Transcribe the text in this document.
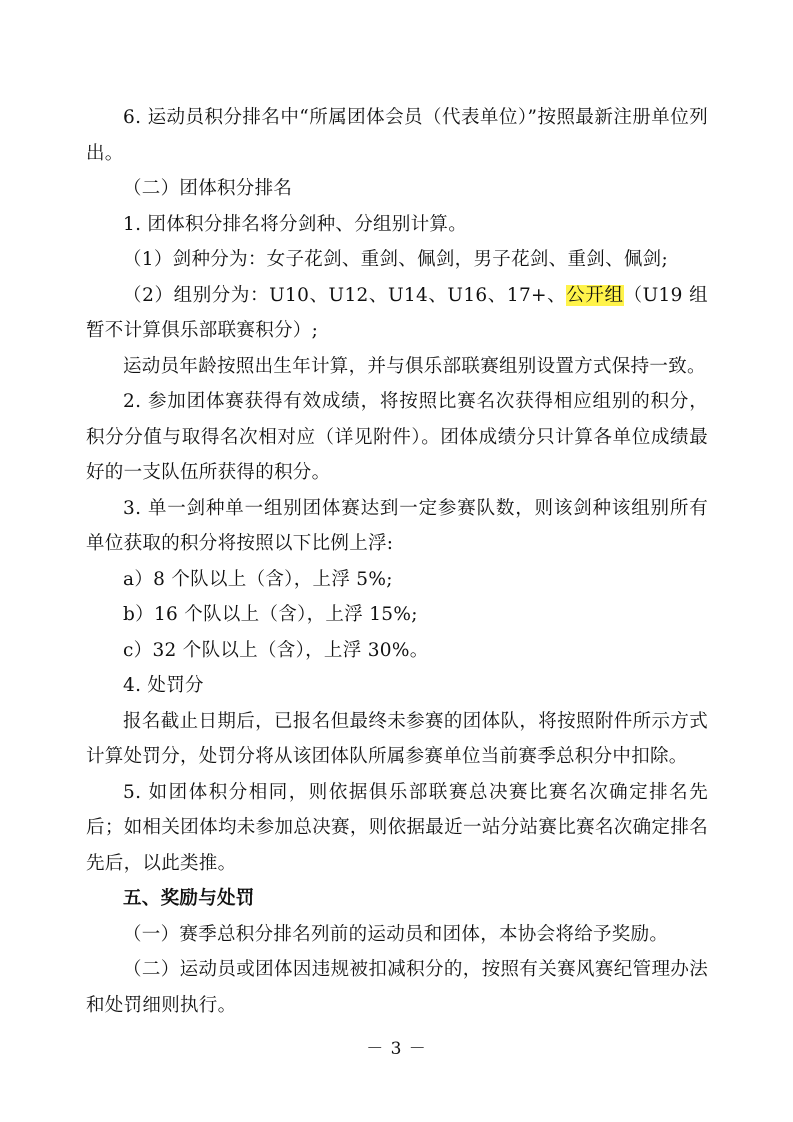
6. 运动员积分排名中“所属团体会员（代表单位）”按照最新注册单位列出。

（二）团体积分排名

1. 团体积分排名将分剑种、分组别计算。

（1）剑种分为：女子花剑、重剑、佩剑，男子花剑、重剑、佩剑;

（2）组别分为：U10、U12、U14、U16、17+、公开组（U19 组暂不计算俱乐部联赛积分）;

运动员年龄按照出生年计算，并与俱乐部联赛组别设置方式保持一致。

2. 参加团体赛获得有效成绩，将按照比赛名次获得相应组别的积分，积分分值与取得名次相对应（详见附件）。团体成绩分只计算各单位成绩最好的一支队伍所获得的积分。

3. 单一剑种单一组别团体赛达到一定参赛队数，则该剑种该组别所有单位获取的积分将按照以下比例上浮:

a）8 个队以上（含），上浮 5%;

b）16 个队以上（含），上浮 15%;

c）32 个队以上（含），上浮 30%。

4. 处罚分

报名截止日期后，已报名但最终未参赛的团体队，将按照附件所示方式计算处罚分，处罚分将从该团体队所属参赛单位当前赛季总积分中扣除。

5. 如团体积分相同，则依据俱乐部联赛总决赛比赛名次确定排名先后；如相关团体均未参加总决赛，则依据最近一站分站赛比赛名次确定排名先后，以此类推。

五、奖励与处罚

（一）赛季总积分排名列前的运动员和团体，本协会将给予奖励。

（二）运动员或团体因违规被扣减积分的，按照有关赛风赛纪管理办法和处罚细则执行。

－ 3 －
